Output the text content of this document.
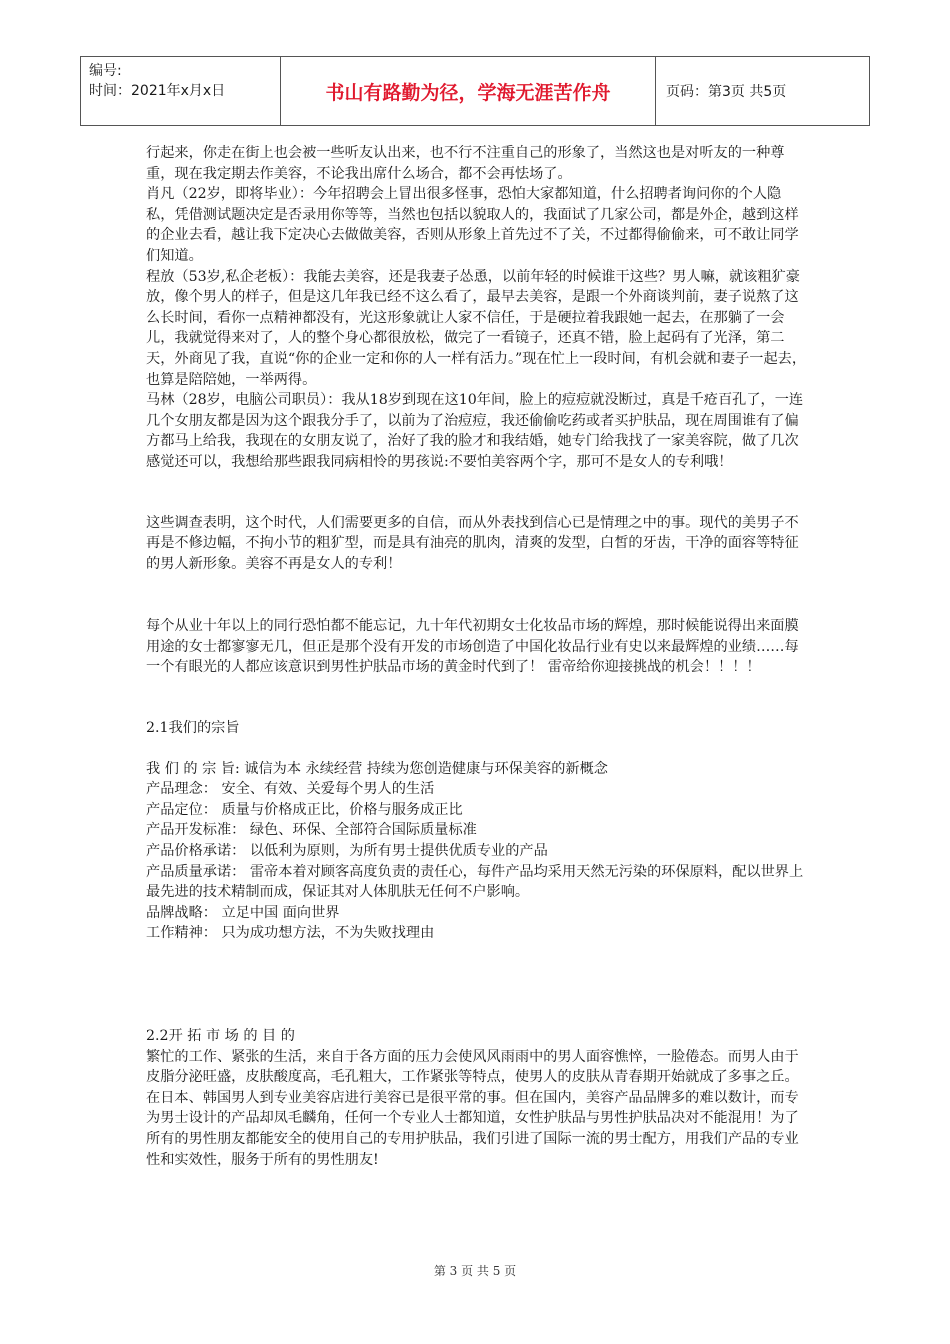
编号:
时间：2021年x月x日	书山有路勤为径，学海无涯苦作舟	页码：第3页 共5页

行起来，你走在街上也会被一些听友认出来，也不行不注重自己的形象了，当然这也是对听友的一种尊重，现在我定期去作美容，不论我出席什么场合，都不会再怯场了。

肖凡（22岁，即将毕业）：今年招聘会上冒出很多怪事，恐怕大家都知道，什么招聘者询问你的个人隐私，凭借测试题决定是否录用你等等，当然也包括以貌取人的，我面试了几家公司，都是外企，越到这样的企业去看，越让我下定决心去做做美容，否则从形象上首先过不了关，不过都得偷偷来，可不敢让同学们知道。

程放（53岁,私企老板）：我能去美容，还是我妻子怂恿，以前年轻的时候谁干这些？男人嘛，就该粗犷豪放，像个男人的样子，但是这几年我已经不这么看了，最早去美容，是跟一个外商谈判前，妻子说熬了这么长时间，看你一点精神都没有，光这形象就让人家不信任，于是硬拉着我跟她一起去，在那躺了一会儿，我就觉得来对了，人的整个身心都很放松，做完了一看镜子，还真不错，脸上起码有了光泽，第二天，外商见了我，直说“你的企业一定和你的人一样有活力。”现在忙上一段时间，有机会就和妻子一起去，也算是陪陪她，一举两得。

马林（28岁，电脑公司职员）：我从18岁到现在这10年间，脸上的痘痘就没断过，真是千疮百孔了，一连几个女朋友都是因为这个跟我分手了，以前为了治痘痘，我还偷偷吃药或者买护肤品，现在周围谁有了偏方都马上给我，我现在的女朋友说了，治好了我的脸才和我结婚，她专门给我找了一家美容院，做了几次感觉还可以，我想给那些跟我同病相怜的男孩说:不要怕美容两个字，那可不是女人的专利哦！

这些调查表明，这个时代，人们需要更多的自信，而从外表找到信心已是情理之中的事。现代的美男子不再是不修边幅，不拘小节的粗犷型，而是具有油亮的肌肉，清爽的发型，白皙的牙齿，干净的面容等特征的男人新形象。美容不再是女人的专利！

每个从业十年以上的同行恐怕都不能忘记，九十年代初期女士化妆品市场的辉煌，那时候能说得出来面膜用途的女士都寥寥无几，但正是那个没有开发的市场创造了中国化妆品行业有史以来最辉煌的业绩……每一个有眼光的人都应该意识到男性护肤品市场的黄金时代到了！ 雷帝给你迎接挑战的机会！！！！

2.1我们的宗旨

我 们 的 宗 旨: 诚信为本 永续经营 持续为您创造健康与环保美容的新概念

产品理念： 安全、有效、关爱每个男人的生活

产品定位： 质量与价格成正比，价格与服务成正比

产品开发标准： 绿色、环保、全部符合国际质量标准

产品价格承诺： 以低利为原则，为所有男士提供优质专业的产品

产品质量承诺： 雷帝本着对顾客高度负责的责任心，每件产品均采用天然无污染的环保原料，配以世界上最先进的技术精制而成，保证其对人体肌肤无任何不户影响。

品牌战略： 立足中国 面向世界

工作精神： 只为成功想方法，不为失败找理由

2.2开 拓 市 场 的 目 的

繁忙的工作、紧张的生活，来自于各方面的压力会使风风雨雨中的男人面容憔悴，一脸倦态。而男人由于皮脂分泌旺盛，皮肤酸度高，毛孔粗大，工作紧张等特点，使男人的皮肤从青春期开始就成了多事之丘。在日本、韩国男人到专业美容店进行美容已是很平常的事。但在国内，美容产品品牌多的难以数计，而专为男士设计的产品却凤毛麟角，任何一个专业人士都知道，女性护肤品与男性护肤品决对不能混用！为了所有的男性朋友都能安全的使用自己的专用护肤品，我们引进了国际一流的男士配方，用我们产品的专业性和实效性，服务于所有的男性朋友!

第 3 页 共 5 页
